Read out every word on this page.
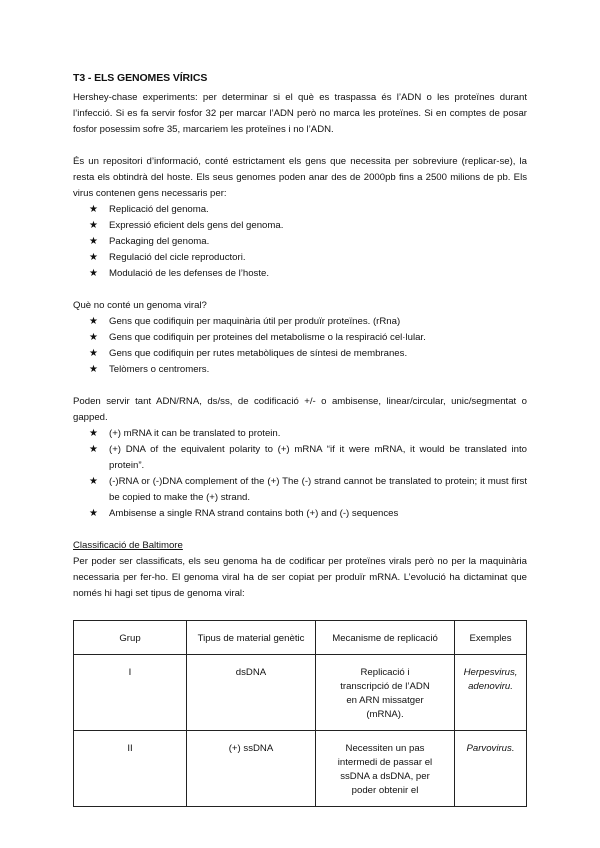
T3 - ELS GENOMES VÍRICS

Hershey-chase experiments: per determinar si el què es traspassa és l’ADN o les proteïnes durant l’infecció. Si es fa servir fosfor 32 per marcar l’ADN però no marca les proteïnes. Si en comptes de posar fosfor posessim sofre 35, marcariem les proteïnes i no l’ADN.

És un repositori d’informació, conté estrictament els gens que necessita per sobreviure (replicar-se), la resta els obtindrà del hoste. Els seus genomes poden anar des de 2000pb fins a 2500 milions de pb. Els virus contenen gens necessaris per:

★ Replicació del genoma.
★ Expressió eficient dels gens del genoma.
★ Packaging del genoma.
★ Regulació del cicle reproductori.
★ Modulació de les defenses de l’hoste.

Què no conté un genoma viral?

★ Gens que codifiquin per maquinària útil per produïr proteïnes. (rRna)
★ Gens que codifiquin per proteines del metabolisme o la respiració cel·lular.
★ Gens que codifiquin per rutes metabòliques de síntesi de membranes.
★ Telòmers o centromers.

Poden servir tant ADN/RNA, ds/ss, de codificació +/- o ambisense, linear/circular, unic/segmentat o gapped.

★ (+) mRNA it can be translated to protein.
★ (+) DNA of the equivalent polarity to (+) mRNA “if it were mRNA, it would be translated into protein”.
★ (-)RNA or (-)DNA complement of the (+) The (-) strand cannot be translated to protein; it must first be copied to make the (+) strand.
★ Ambisense a single RNA strand contains both (+) and (-) sequences

Classificació de Baltimore

Per poder ser classificats, els seu genoma ha de codificar per proteïnes virals però no per la maquinària necessaria per fer-ho. El genoma viral ha de ser copiat per produïr mRNA. L’evolució ha dictaminat que només hi hagi set tipus de genoma viral:

Grup	Tipus de material genètic	Mecanisme de replicació	Exemples
I	dsDNA	Replicació i transcripció de l’ADN en ARN missatger (mRNA).	Herpesvirus, adenoviru.
II	(+) ssDNA	Necessiten un pas intermedi de passar el ssDNA a dsDNA, per poder obtenir el	Parvovirus.
